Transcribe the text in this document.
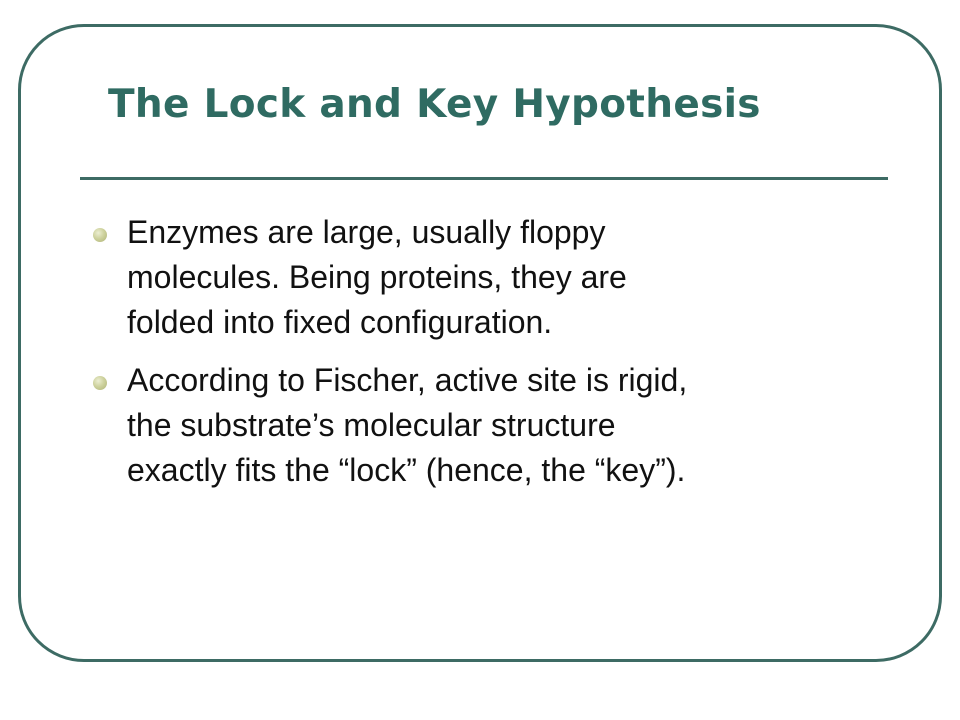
The Lock and Key Hypothesis
Enzymes are large, usually floppy
molecules. Being proteins, they are
folded into fixed configuration.
According to Fischer, active site is rigid,
the substrate’s molecular structure
exactly fits the “lock” (hence, the “key”).
